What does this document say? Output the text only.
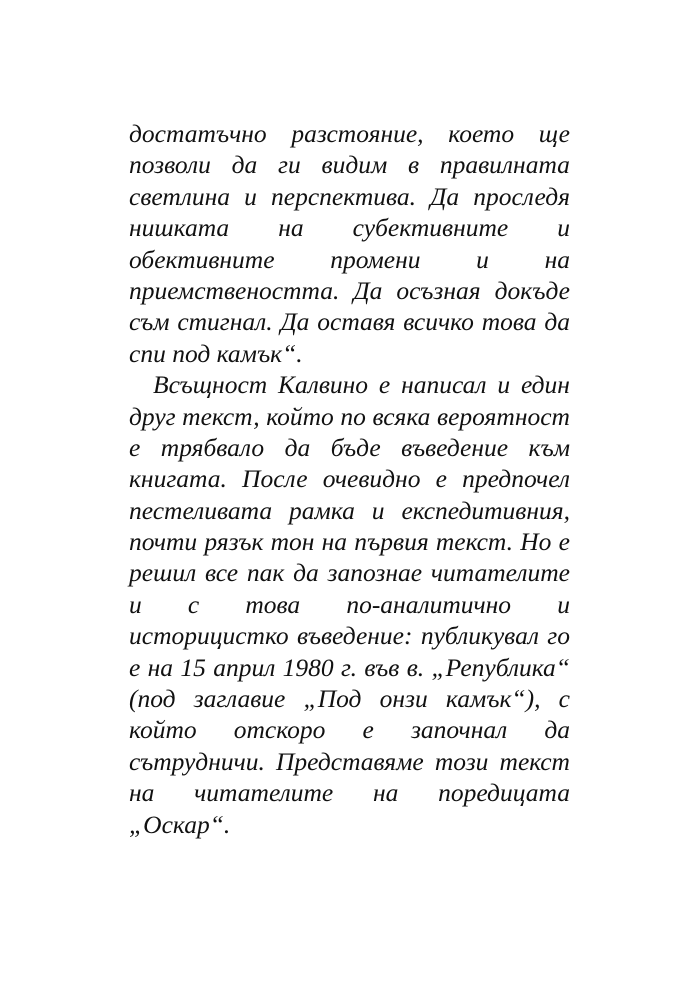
достатъчно разстояние, което ще
позволи да ги видим в правилната
светлина и перспектива. Да проследя
нишката на субективните и
обективните промени и на
приемствеността. Да осъзная докъде
съм стигнал. Да оставя всичко това да
спи под камък“.
Всъщност Калвино е написал и един
друг текст, който по всяка вероятност
е трябвало да бъде въведение към
книгата. После очевидно е предпочел
пестеливата рамка и експедитивния,
почти рязък тон на първия текст. Но е
решил все пак да запознае читателите
и с това по-аналитично и
историцистко въведение: публикувал го
е на 15 април 1980 г. във в. „Република“
(под заглавие „Под онзи камък“), с
който отскоро е започнал да
сътрудничи. Представяме този текст
на читателите на поредицата
„Оскар“.
